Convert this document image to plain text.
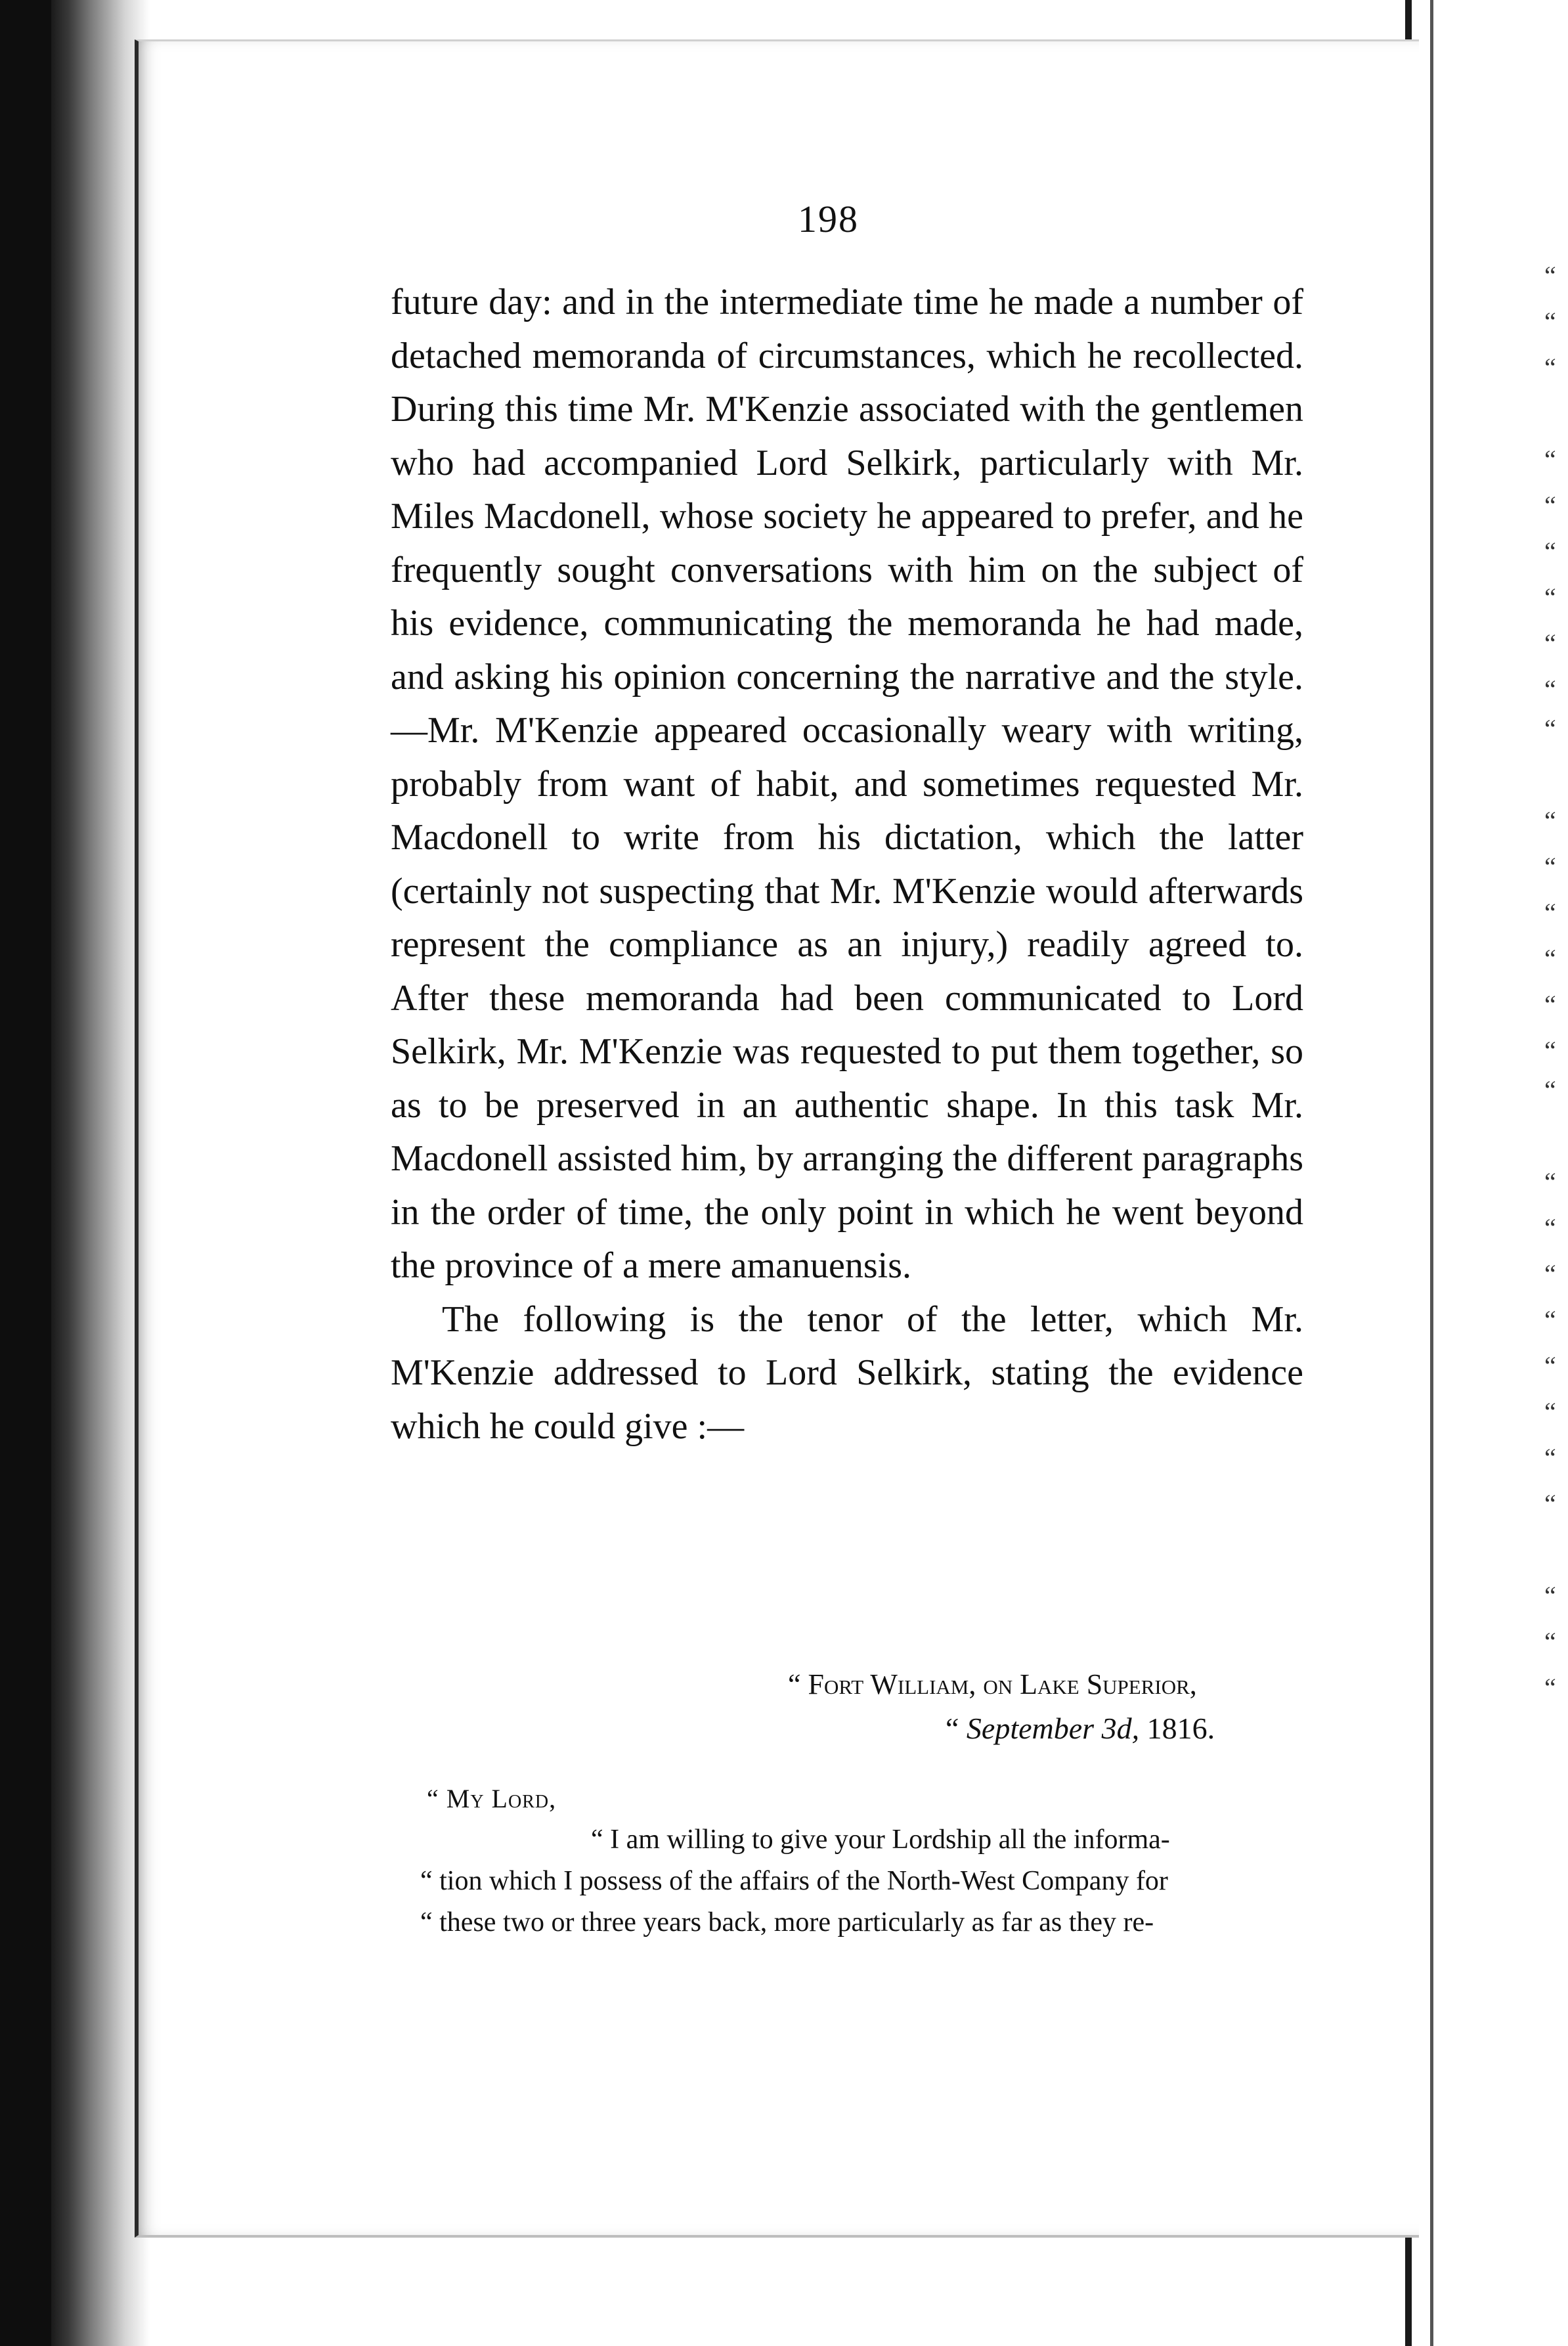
“
“
“
“
“
“
“
“
“
“
“
“
“
“
“
“
“
“
“
“
“
“
“
“
“
“
“
“
198

future day: and in the intermediate time he made a number of detached memoranda of circumstances, which he recollected. During this time Mr. M'Kenzie associated with the gentlemen who had accompanied Lord Selkirk, particularly with Mr. Miles Macdonell, whose society he appeared to prefer, and he frequently sought conversations with him on the subject of his evidence, communicating the memoranda he had made, and asking his opinion concerning the narrative and the style.—Mr. M'Kenzie appeared occasionally weary with writing, probably from want of habit, and sometimes requested Mr. Macdonell to write from his dictation, which the latter (certainly not suspecting that Mr. M'Kenzie would afterwards represent the compliance as an injury,) readily agreed to. After these memoranda had been communicated to Lord Selkirk, Mr. M'Kenzie was requested to put them together, so as to be preserved in an authentic shape. In this task Mr. Macdonell assisted him, by arranging the different paragraphs in the order of time, the only point in which he went beyond the province of a mere amanuensis.

The following is the tenor of the letter, which Mr. M'Kenzie addressed to Lord Selkirk, stating the evidence which he could give :—

“ Fort William, on Lake Superior,
“ September 3d, 1816.
“ My Lord,
“ I am willing to give your Lordship all the informa-
“ tion which I possess of the affairs of the North-West Company for
“ these two or three years back, more particularly as far as they re-
